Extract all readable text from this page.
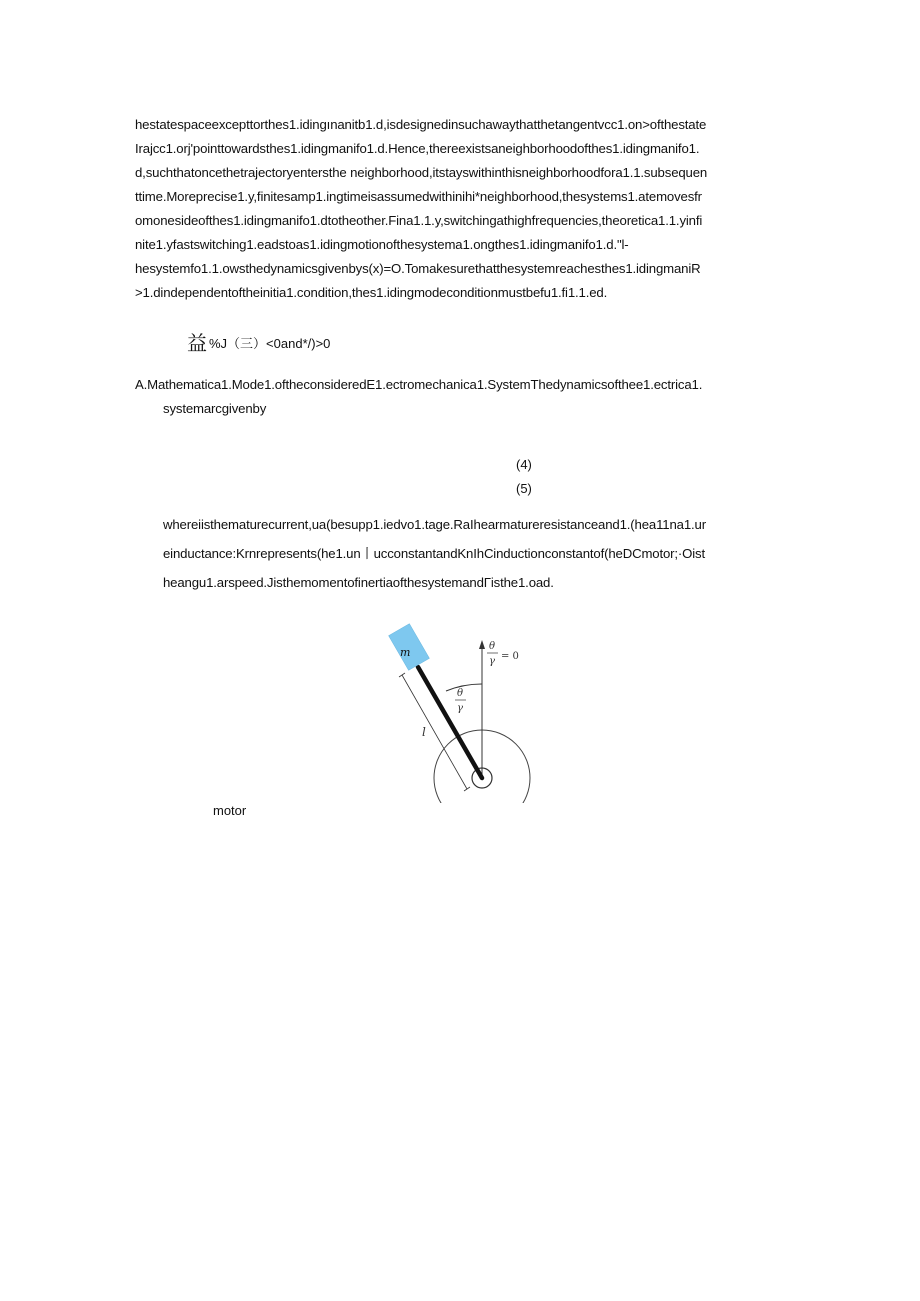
hestatespaceexcepttorthes1.idingınanitb1.d,isdesignedinsuchawaythatthetangentvcc1.on>ofthestate
Irajcc1.orj'pointtowardsthes1.idingmanifo1.d.Hence,thereexistsaneighborhoodofthes1.idingmanifo1.
d,suchthatoncethetrajectoryentersthe neighborhood,itstayswithinthisneighborhoodfora1.1.subsequen
ttime.Moreprecise1.y,finitesamp1.ingtimeisassumedwithinihi*neighborhood,thesystems1.atemovesfr
omonesideofthes1.idingmanifo1.dtotheother.Fina1.1.y,switchingathighfrequencies,theoretica1.1.yinfi
nite1.yfastswitching1.eadstoas1.idingmotionofthesystema1.ongthes1.idingmanifo1.d."l-
hesystemfo1.1.owsthedynamicsgivenbys(x)=O.Tomakesurethatthesystemreachesthes1.idingmaniR
>1.dindependentoftheinitia1.condition,thes1.idingmodeconditionmustbefu1.fi1.1.ed.
益 %J（三）<0and*/)>0
A.Mathematica1.Mode1.oftheconsideredE1.ectromechanica1.SystemThedynamicsofthee1.ectrica1.
systemarcgivenby
(4)
(5)
whereiisthematurecurrent,ua(besupp1.iedvo1.tage.RaIhearmatureresistanceand1.(hea11na1.ur
einductance:Krnrepresents(he1.un丨ucconstantandKnIhCinductionconstantof(heDCmotor;·Oist
heangu1.arspeed.JisthemomentofinertiaofthesystemandΓisthe1.oad.
m
l
θ
γ
θ
γ = 0
motor
